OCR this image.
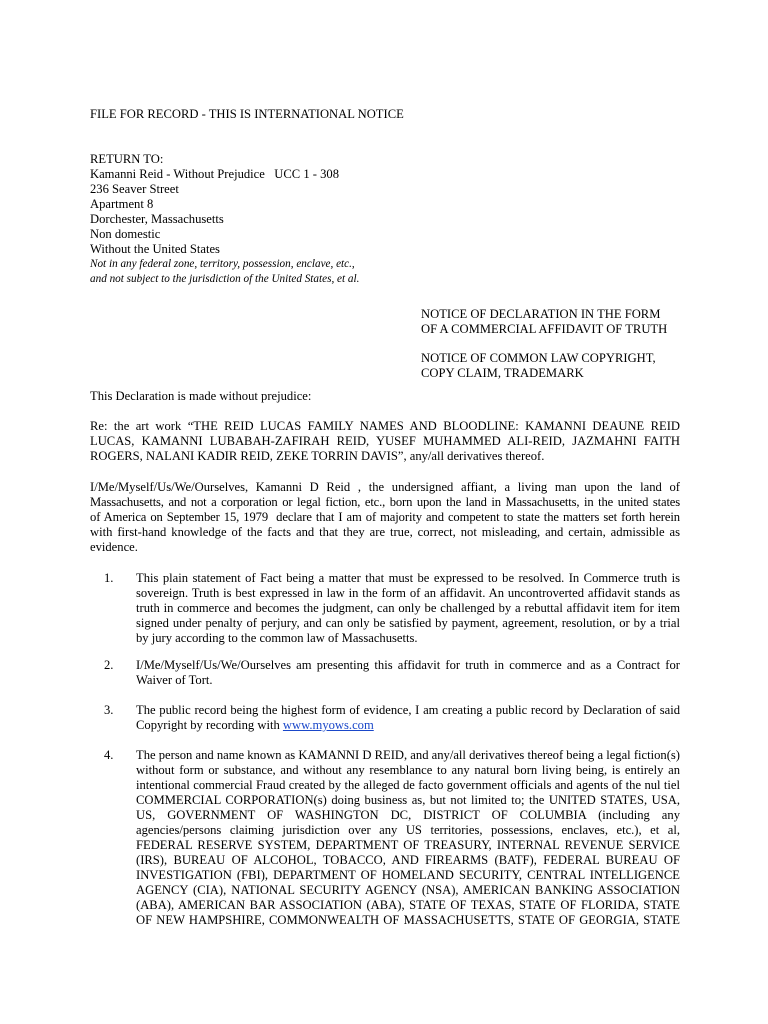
FILE FOR RECORD - THIS IS INTERNATIONAL NOTICE
RETURN TO:
Kamanni Reid - Without Prejudice   UCC 1 - 308
236 Seaver Street
Apartment 8
Dorchester, Massachusetts
Non domestic
Without the United States
Not in any federal zone, territory, possession, enclave, etc.,
and not subject to the jurisdiction of the United States, et al.
NOTICE OF DECLARATION IN THE FORM
OF A COMMERCIAL AFFIDAVIT OF TRUTH
NOTICE OF COMMON LAW COPYRIGHT,
COPY CLAIM, TRADEMARK
This Declaration is made without prejudice:
Re: the art work “THE REID LUCAS FAMILY NAMES AND BLOODLINE: KAMANNI DEAUNE REID
LUCAS, KAMANNI LUBABAH-ZAFIRAH REID, YUSEF MUHAMMED ALI-REID, JAZMAHNI FAITH
ROGERS, NALANI KADIR REID, ZEKE TORRIN DAVIS”, any/all derivatives thereof.
I/Me/Myself/Us/We/Ourselves, Kamanni D Reid , the undersigned affiant, a living man upon the land of
Massachusetts, and not a corporation or legal fiction, etc., born upon the land in Massachusetts, in the united states
of America on September 15, 1979  declare that I am of majority and competent to state the matters set forth herein
with first-hand knowledge of the facts and that they are true, correct, not misleading, and certain, admissible as
evidence.
1.	This plain statement of Fact being a matter that must be expressed to be resolved. In Commerce truth is
sovereign. Truth is best expressed in law in the form of an affidavit. An uncontroverted affidavit stands as
truth in commerce and becomes the judgment, can only be challenged by a rebuttal affidavit item for item
signed under penalty of perjury, and can only be satisfied by payment, agreement, resolution, or by a trial
by jury according to the common law of Massachusetts.
2.	I/Me/Myself/Us/We/Ourselves am presenting this affidavit for truth in commerce and as a Contract for
Waiver of Tort.
3.	The public record being the highest form of evidence, I am creating a public record by Declaration of said
Copyright by recording with www.myows.com
4.	The person and name known as KAMANNI D REID, and any/all derivatives thereof being a legal fiction(s)
without form or substance, and without any resemblance to any natural born living being, is entirely an
intentional commercial Fraud created by the alleged de facto government officials and agents of the nul tiel
COMMERCIAL CORPORATION(s) doing business as, but not limited to; the UNITED STATES, USA,
US, GOVERNMENT OF WASHINGTON DC, DISTRICT OF COLUMBIA (including any
agencies/persons claiming jurisdiction over any US territories, possessions, enclaves, etc.), et al,
FEDERAL RESERVE SYSTEM, DEPARTMENT OF TREASURY, INTERNAL REVENUE SERVICE
(IRS), BUREAU OF ALCOHOL, TOBACCO, AND FIREARMS (BATF), FEDERAL BUREAU OF
INVESTIGATION (FBI), DEPARTMENT OF HOMELAND SECURITY, CENTRAL INTELLIGENCE
AGENCY (CIA), NATIONAL SECURITY AGENCY (NSA), AMERICAN BANKING ASSOCIATION
(ABA), AMERICAN BAR ASSOCIATION (ABA), STATE OF TEXAS, STATE OF FLORIDA, STATE
OF NEW HAMPSHIRE, COMMONWEALTH OF MASSACHUSETTS, STATE OF GEORGIA, STATE
